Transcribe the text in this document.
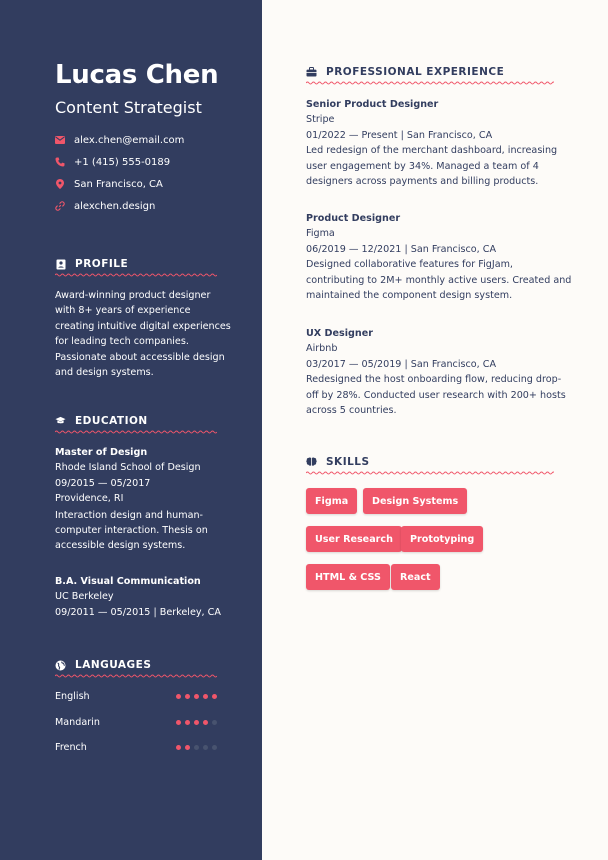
Lucas Chen
Content Strategist
alex.chen@email.com
+1 (415) 555-0189
San Francisco, CA
alexchen.design
PROFILE
Award-winning product designer
with 8+ years of experience
creating intuitive digital experiences
for leading tech companies.
Passionate about accessible design
and design systems.
EDUCATION
Master of Design
Rhode Island School of Design
09/2015 — 05/2017
Providence, RI
Interaction design and human-
computer interaction. Thesis on
accessible design systems.
B.A. Visual Communication
UC Berkeley
09/2011 — 05/2015 | Berkeley, CA
LANGUAGES
English
Mandarin
French
PROFESSIONAL EXPERIENCE
Senior Product Designer
Stripe
01/2022 — Present | San Francisco, CA
Led redesign of the merchant dashboard, increasing
user engagement by 34%. Managed a team of 4
designers across payments and billing products.
Product Designer
Figma
06/2019 — 12/2021 | San Francisco, CA
Designed collaborative features for FigJam,
contributing to 2M+ monthly active users. Created and
maintained the component design system.
UX Designer
Airbnb
03/2017 — 05/2019 | San Francisco, CA
Redesigned the host onboarding flow, reducing drop-
off by 28%. Conducted user research with 200+ hosts
across 5 countries.
SKILLS
Figma	Design Systems
User Research	Prototyping
HTML & CSS	React
